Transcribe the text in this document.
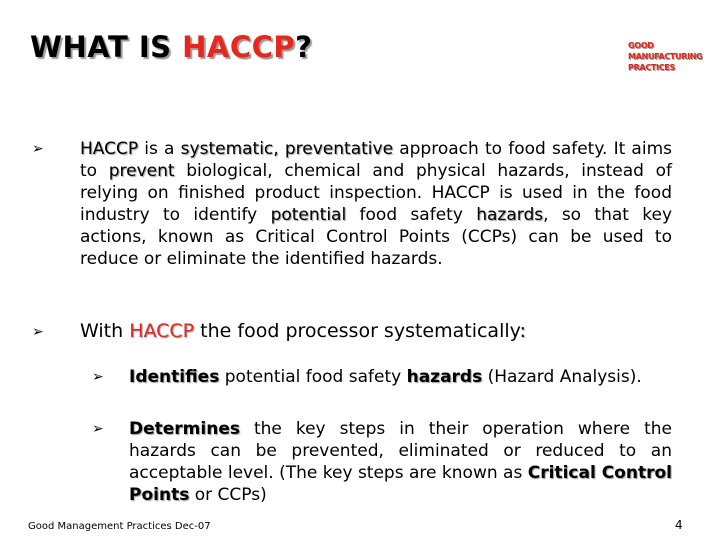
WHAT IS HACCP?	GOOD
MANUFACTURING
PRACTICES
➢ HACCP is a systematic, preventative approach to food safety. It aims to prevent biological, chemical and physical hazards, instead of relying on finished product inspection. HACCP is used in the food industry to identify potential food safety hazards, so that key actions, known as Critical Control Points (CCPs) can be used to reduce or eliminate the identified hazards.

➢ With HACCP the food processor systematically:

➢ Identifies potential food safety hazards (Hazard Analysis).

➢ Determines the key steps in their operation where the hazards can be prevented, eliminated or reduced to an acceptable level. (The key steps are known as Critical Control Points or CCPs)

Good Management Practices Dec-07	4
